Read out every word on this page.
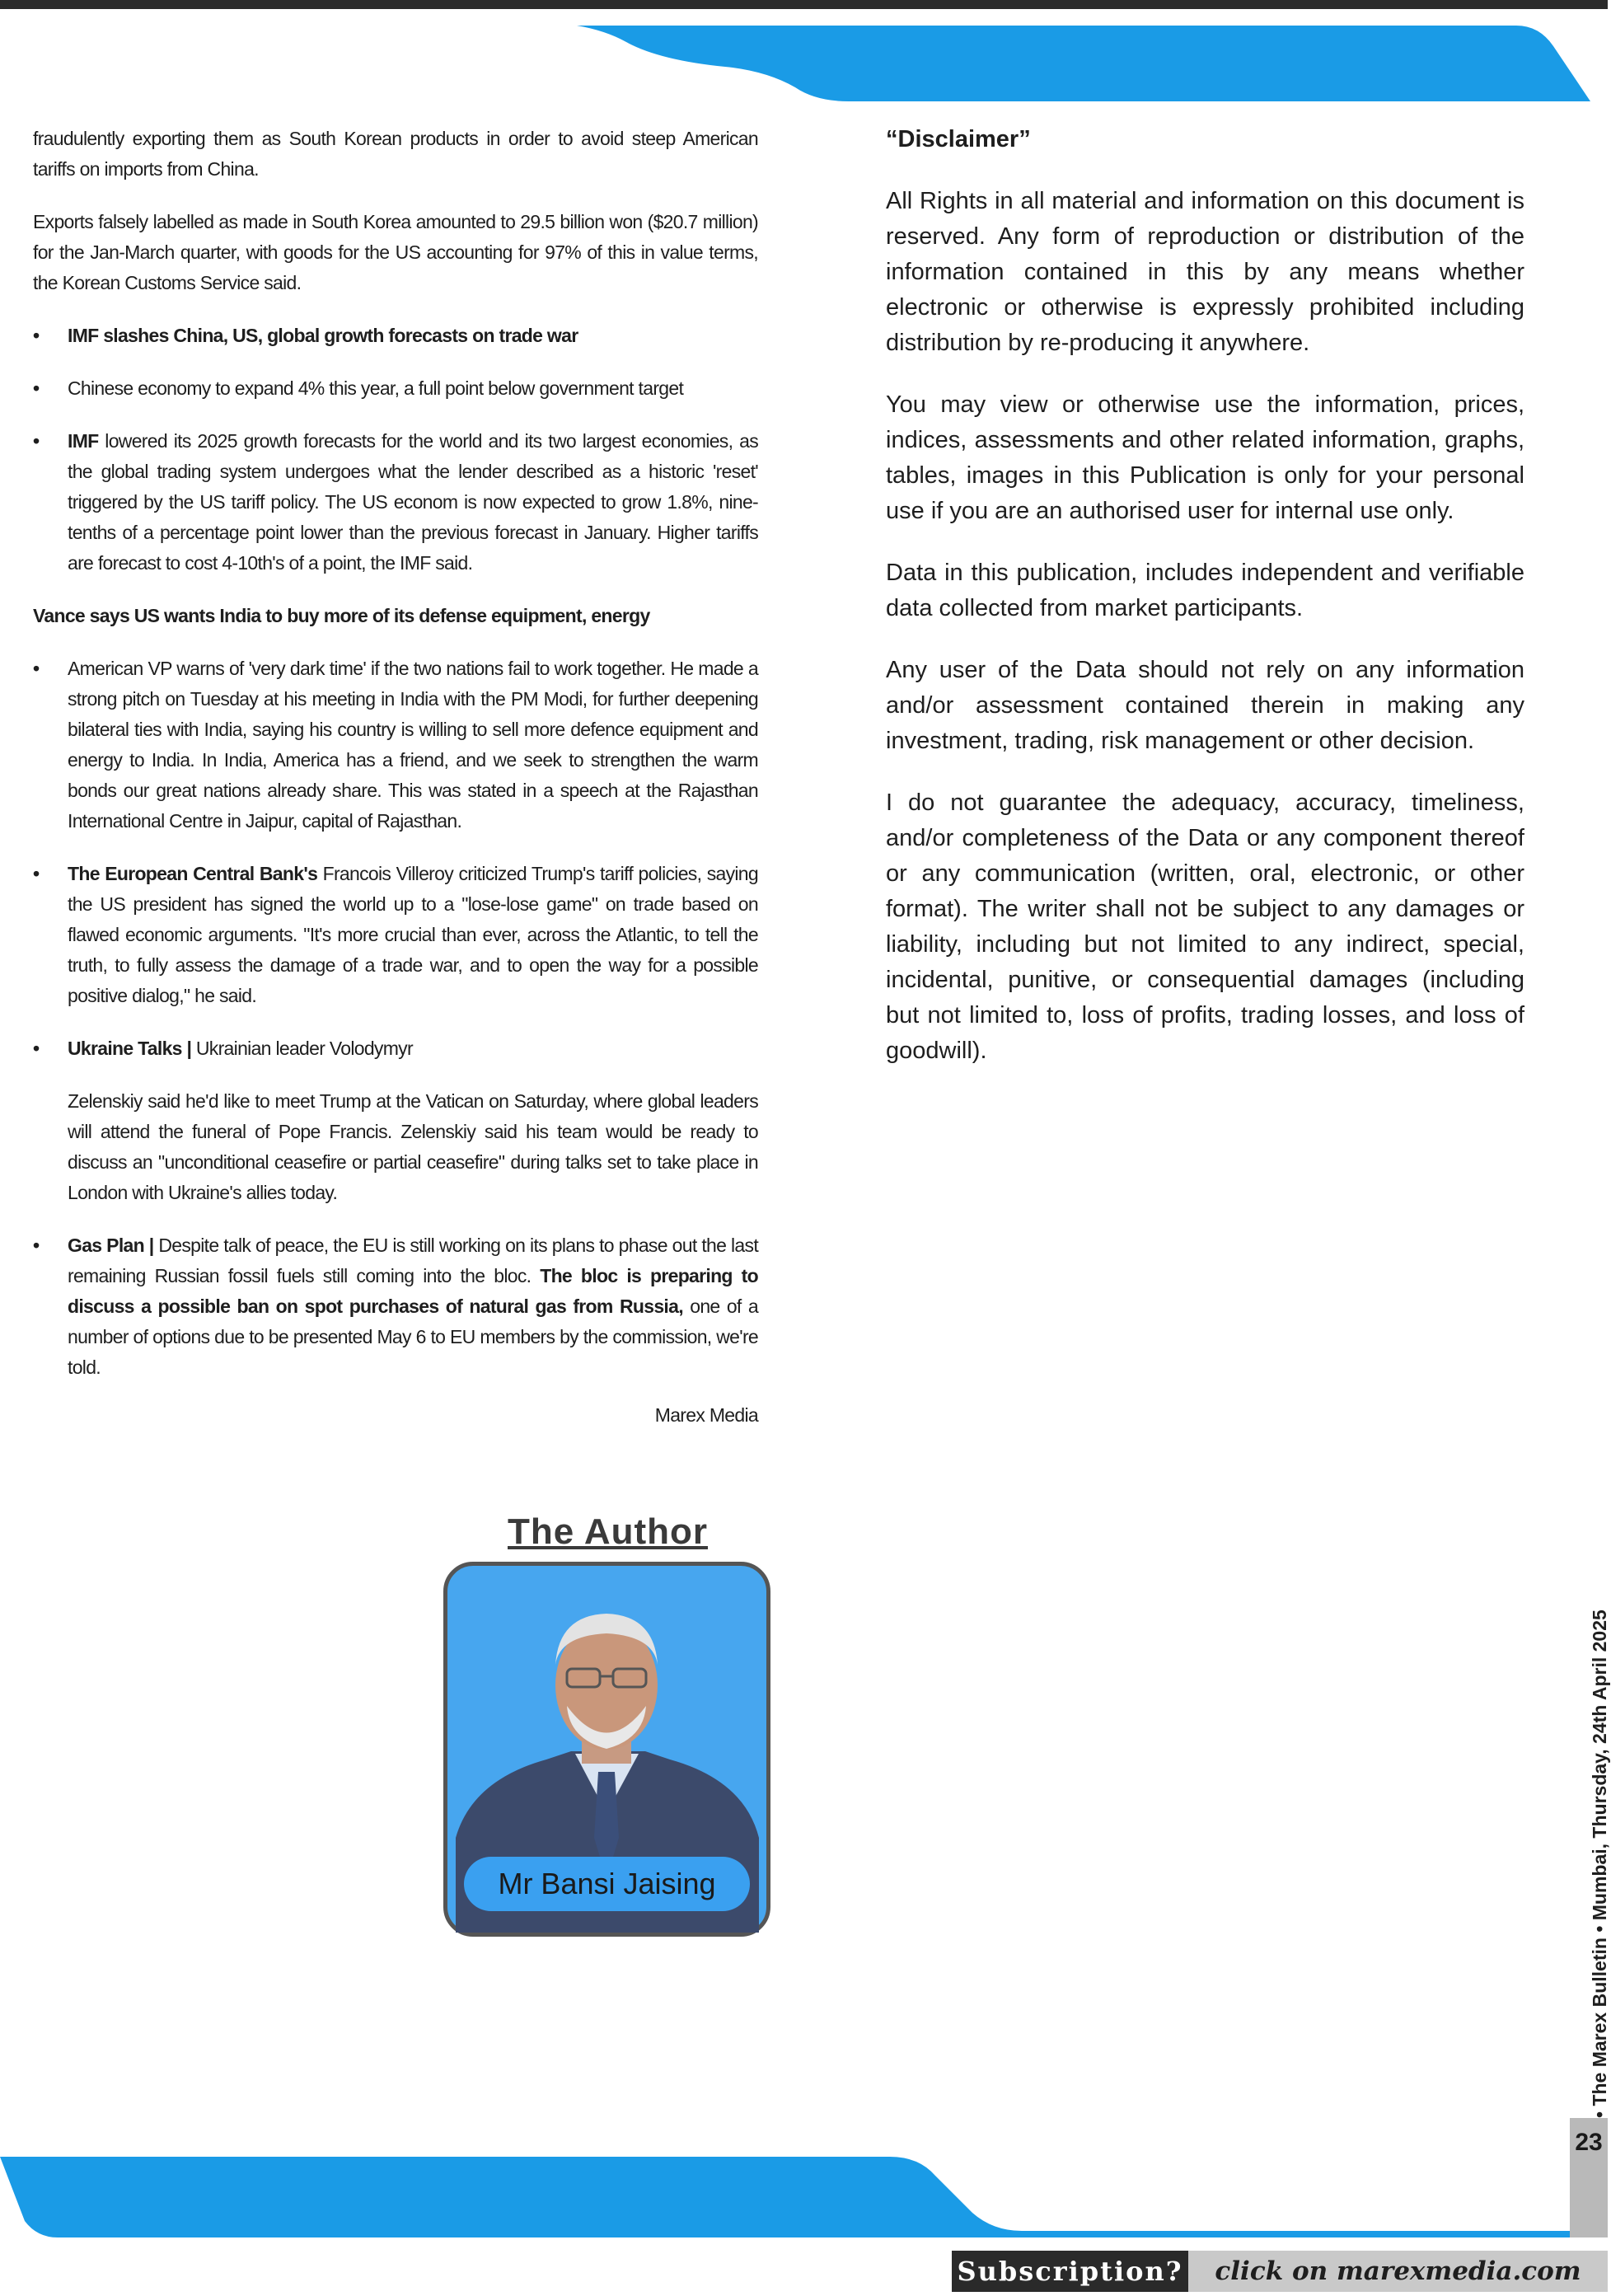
fraudulently exporting them as South Korean products in order to avoid steep American tariffs on imports from China.

Exports falsely labelled as made in South Korea amounted to 29.5 billion won ($20.7 million) for the Jan-March quarter, with goods for the US accounting for 97% of this in value terms, the Korean Customs Service said.

• IMF slashes China, US, global growth forecasts on trade war
• Chinese economy to expand 4% this year, a full point below government target
• IMF lowered its 2025 growth forecasts for the world and its two largest economies, as the global trading system undergoes what the lender described as a historic 'reset' triggered by the US tariff policy. The US econom is now expected to grow 1.8%, nine-tenths of a percentage point lower than the previous forecast in January. Higher tariffs are forecast to cost 4-10th's of a point, the IMF said.
Vance says US wants India to buy more of its defense equipment, energy
• American VP warns of 'very dark time' if the two nations fail to work together. He made a strong pitch on Tuesday at his meeting in India with the PM Modi, for further deepening bilateral ties with India, saying his country is willing to sell more defence equipment and energy to India. In India, America has a friend, and we seek to strengthen the warm bonds our great nations already share. This was stated in a speech at the Rajasthan International Centre in Jaipur, capital of Rajasthan.
• The European Central Bank's Francois Villeroy criticized Trump's tariff policies, saying the US president has signed the world up to a "lose-lose game" on trade based on flawed economic arguments. "It's more crucial than ever, across the Atlantic, to tell the truth, to fully assess the damage of a trade war, and to open the way for a possible positive dialog," he said.
• Ukraine Talks | Ukrainian leader Volodymyr
Zelenskiy said he'd like to meet Trump at the Vatican on Saturday, where global leaders will attend the funeral of Pope Francis. Zelenskiy said his team would be ready to discuss an "unconditional ceasefire or partial ceasefire" during talks set to take place in London with Ukraine's allies today.
• Gas Plan | Despite talk of peace, the EU is still working on its plans to phase out the last remaining Russian fossil fuels still coming into the bloc. The bloc is preparing to discuss a possible ban on spot purchases of natural gas from Russia, one of a number of options due to be presented May 6 to EU members by the commission, we're told.
Marex Media
“Disclaimer”

All Rights in all material and information on this document is reserved. Any form of reproduction or distribution of the information contained in this by any means whether electronic or otherwise is expressly prohibited including distribution by re-producing it anywhere.

You may view or otherwise use the information, prices, indices, assessments and other related information, graphs, tables, images in this Publication is only for your personal use if you are an authorised user for internal use only.

Data in this publication, includes independent and verifiable data collected from market participants.

Any user of the Data should not rely on any information and/or assessment contained therein in making any investment, trading, risk management or other decision.

I do not guarantee the adequacy, accuracy, timeliness, and/or completeness of the Data or any component thereof or any communication (written, oral, electronic, or other format). The writer shall not be subject to any damages or liability, including but not limited to any indirect, special, incidental, punitive, or consequential damages (including but not limited to, loss of profits, trading losses, and loss of goodwill).

The Author
Mr Bansi Jaising	• The Marex Bulletin • Mumbai, Thursday, 24th April 2025
23
Subscription?	click on marexmedia.com
